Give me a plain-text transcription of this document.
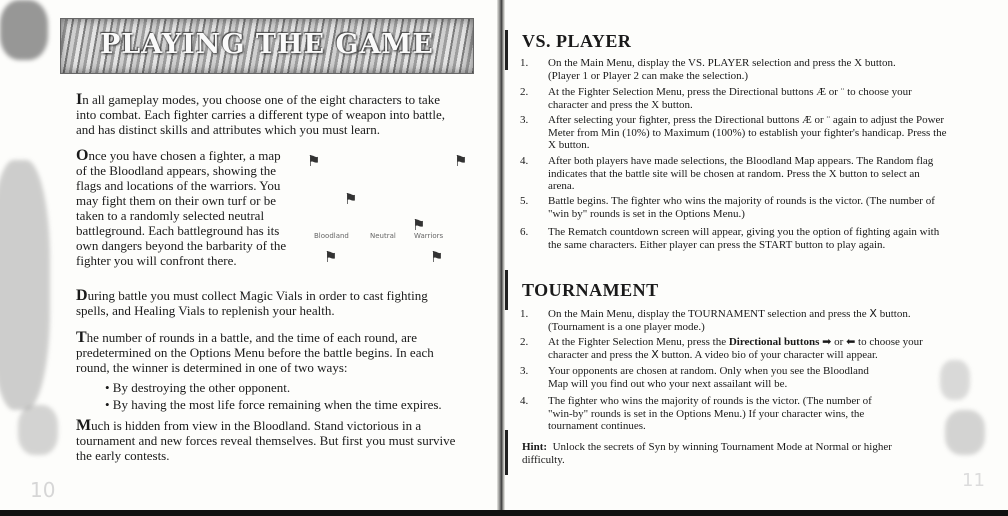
PLAYING THE GAME

In all gameplay modes, you choose one of the eight characters to take
into combat. Each fighter carries a different type of weapon into battle,
and has distinct skills and attributes which you must learn.

Once you have chosen a fighter, a map
of the Bloodland appears, showing the
flags and locations of the warriors. You
may fight them on their own turf or be
taken to a randomly selected neutral
battleground. Each battleground has its
own dangers beyond the barbarity of the
fighter you will confront there.

⚑	⚑
⚑
⚑
⚑	⚑
Bloodland	Neutral	Warriors

During battle you must collect Magic Vials in order to cast fighting
spells, and Healing Vials to replenish your health.

The number of rounds in a battle, and the time of each round, are
predetermined on the Options Menu before the battle begins. In each
round, the winner is determined in one of two ways:

• By destroying the other opponent.

• By having the most life force remaining when the time expires.

Much is hidden from view in the Bloodland. Stand victorious in a
tournament and new forces reveal themselves. But first you must survive
the early contests.

10
VS. PLAYER
1. On the Main Menu, display the VS. PLAYER selection and press the X button.
(Player 1 or Player 2 can make the selection.)
2. At the Fighter Selection Menu, press the Directional buttons Æ or ¨ to choose your
character and press the X button.
3. After selecting your fighter, press the Directional buttons Æ or ¨ again to adjust the Power
Meter from Min (10%) to Maximum (100%) to establish your fighter's handicap. Press the
X button.
4. After both players have made selections, the Bloodland Map appears. The Random flag
indicates that the battle site will be chosen at random. Press the X button to select an
arena.
5. Battle begins. The fighter who wins the majority of rounds is the victor. (The number of
"win by" rounds is set in the Options Menu.)
6. The Rematch countdown screen will appear, giving you the option of fighting again with
the same characters. Either player can press the START button to play again.
TOURNAMENT
1. On the Main Menu, display the TOURNAMENT selection and press the X button.
(Tournament is a one player mode.)
2. At the Fighter Selection Menu, press the Directional buttons ➡ or ⬅ to choose your
character and press the X button. A video bio of your character will appear.
3. Your opponents are chosen at random. Only when you see the Bloodland
Map will you find out who your next assailant will be.
4. The fighter who wins the majority of rounds is the victor. (The number of
"win-by" rounds is set in the Options Menu.) If your character wins, the
tournament continues.
Hint: Unlock the secrets of Syn by winning Tournament Mode at Normal or higher
difficulty.
11
